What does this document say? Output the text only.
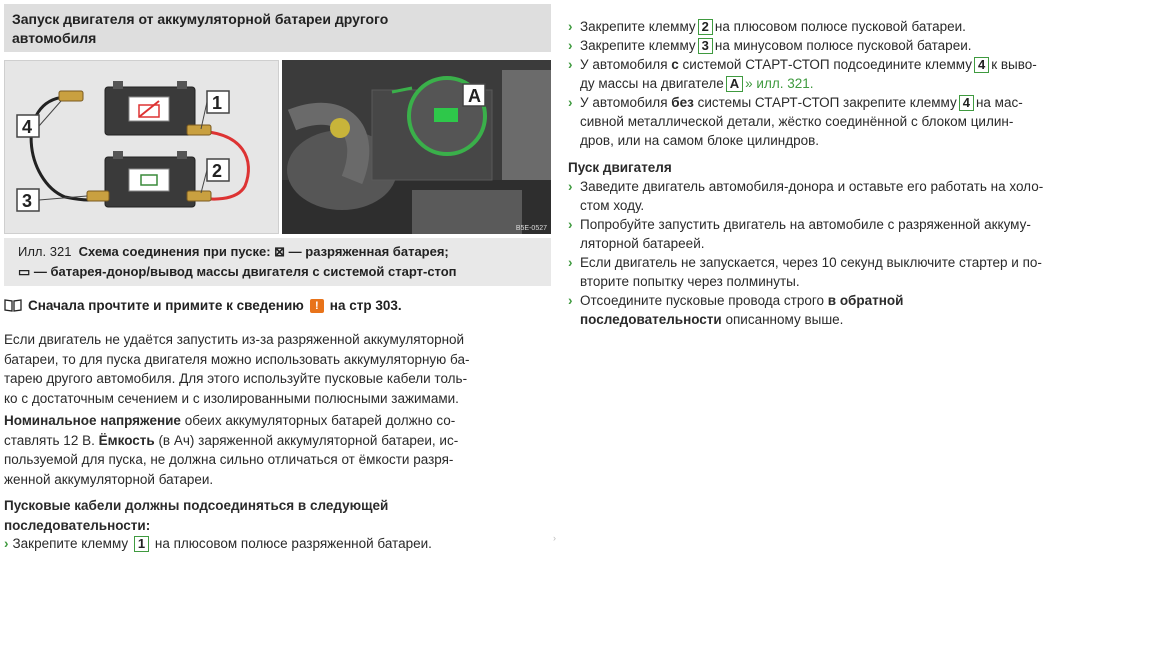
Запуск двигателя от аккумуляторной батареи другого
автомобиля
1
2
3
4
A
B5E-0527
Илл. 321 Схема соединения при пуске: ⊠ — разряженная батарея;
▭ — батарея-донор/вывод массы двигателя с системой старт-стоп
Сначала прочтите и примите к сведению	! на стр 303.
Если двигатель не удаётся запустить из-за разряженной аккумуляторной
батареи, то для пуска двигателя можно использовать аккумуляторную ба-
тарею другого автомобиля. Для этого используйте пусковые кабели толь-
ко с достаточным сечением и с изолированными полюсными зажимами.
Номинальное напряжение обеих аккумуляторных батарей должно со-
ставлять 12 В. Ёмкость (в Ач) заряженной аккумуляторной батареи, ис-
пользуемой для пуска, не должна сильно отличаться от ёмкости разря-
женной аккумуляторной батареи.
Пусковые кабели должны подсоединяться в следующей
последовательности:
› Закрепите клемму 1 на плюсовом полюсе разряженной батареи.	›
› Закрепите клемму 2 на плюсовом полюсе пусковой батареи.
› Закрепите клемму 3 на минусовом полюсе пусковой батареи.
› У автомобиля с системой СТАРТ-СТОП подсоедините клемму 4 к выво-
ду массы на двигателе A » илл. 321.
› У автомобиля без системы СТАРТ-СТОП закрепите клемму 4 на мас-
сивной металлической детали, жёстко соединённой с блоком цилин-
дров, или на самом блоке цилиндров.
Пуск двигателя
› Заведите двигатель автомобиля-донора и оставьте его работать на холо-
стом ходу.
› Попробуйте запустить двигатель на автомобиле с разряженной аккуму-
ляторной батареей.
› Если двигатель не запускается, через 10 секунд выключите стартер и по-
вторите попытку через полминуты.
› Отсоедините пусковые провода строго в обратной
последовательности описанному выше.
